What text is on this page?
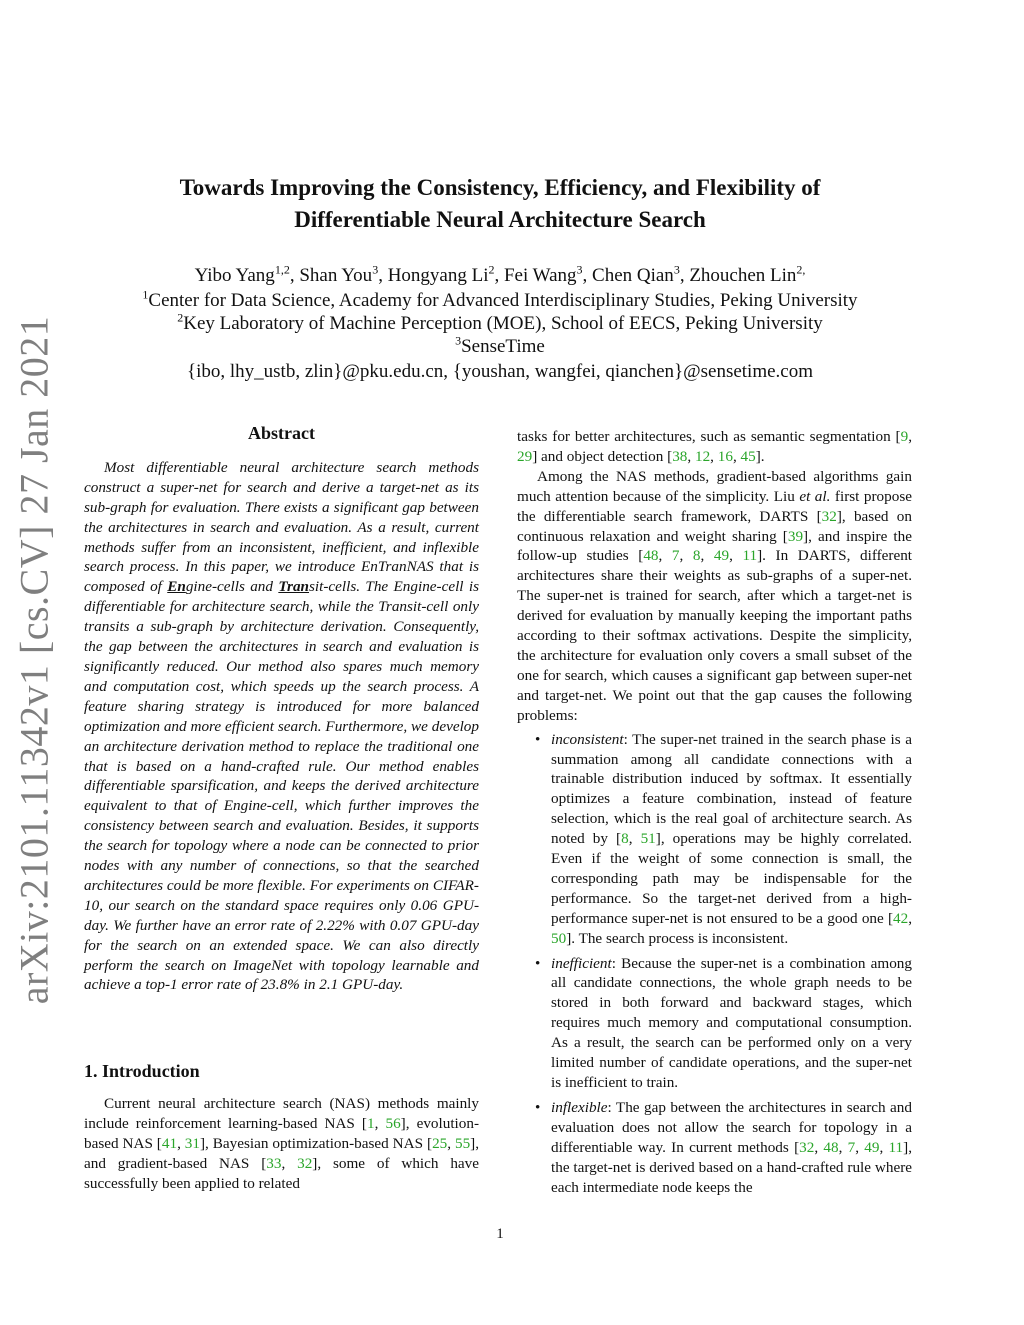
arXiv:2101.11342v1 [cs.CV] 27 Jan 2021
Towards Improving the Consistency, Efficiency, and Flexibility of
Differentiable Neural Architecture Search
Yibo Yang$^{1,2}$, Shan You$^3$, Hongyang Li$^2$, Fei Wang$^3$, Chen Qian$^3$, Zhouchen Lin$^{2,}$
$^1$Center for Data Science, Academy for Advanced Interdisciplinary Studies, Peking University
$^2$Key Laboratory of Machine Perception (MOE), School of EECS, Peking University
$^3$SenseTime
{ibo, lhy_ustb, zlin}@pku.edu.cn, {youshan, wangfei, qianchen}@sensetime.com
Abstract

Most differentiable neural architecture search methods construct a super-net for search and derive a target-net as its sub-graph for evaluation. There exists a significant gap between the architectures in search and evaluation. As a result, current methods suffer from an inconsistent, inefficient, and inflexible search process. In this paper, we introduce EnTranNAS that is composed of Engine-cells and Transit-cells. The Engine-cell is differentiable for architecture search, while the Transit-cell only transits a sub-graph by architecture derivation. Consequently, the gap between the architectures in search and evaluation is significantly reduced. Our method also spares much memory and computation cost, which speeds up the search process. A feature sharing strategy is introduced for more balanced optimization and more efficient search. Furthermore, we develop an architecture derivation method to replace the traditional one that is based on a hand-crafted rule. Our method enables differentiable sparsification, and keeps the derived architecture equivalent to that of Engine-cell, which further improves the consistency between search and evaluation. Besides, it supports the search for topology where a node can be connected to prior nodes with any number of connections, so that the searched architectures could be more flexible. For experiments on CIFAR-10, our search on the standard space requires only 0.06 GPU-day. We further have an error rate of 2.22% with 0.07 GPU-day for the search on an extended space. We can also directly perform the search on ImageNet with topology learnable and achieve a top-1 error rate of 23.8% in 2.1 GPU-day.

1. Introduction

Current neural architecture search (NAS) methods mainly include reinforcement learning-based NAS [1, 56], evolution-based NAS [41, 31], Bayesian optimization-based NAS [25, 55], and gradient-based NAS [33, 32], some of which have successfully been applied to related

tasks for better architectures, such as semantic segmentation [9, 29] and object detection [38, 12, 16, 45].

Among the NAS methods, gradient-based algorithms gain much attention because of the simplicity. Liu et al. first propose the differentiable search framework, DARTS [32], based on continuous relaxation and weight sharing [39], and inspire the follow-up studies [48, 7, 8, 49, 11]. In DARTS, different architectures share their weights as sub-graphs of a super-net. The super-net is trained for search, after which a target-net is derived for evaluation by manually keeping the important paths according to their softmax activations. Despite the simplicity, the architecture for evaluation only covers a small subset of the one for search, which causes a significant gap between super-net and target-net. We point out that the gap causes the following problems:

• inconsistent: The super-net trained in the search phase is a summation among all candidate connections with a trainable distribution induced by softmax. It essentially optimizes a feature combination, instead of feature selection, which is the real goal of architecture search. As noted by [8, 51], operations may be highly correlated. Even if the weight of some connection is small, the corresponding path may be indispensable for the performance. So the target-net derived from a high-performance super-net is not ensured to be a good one [42, 50]. The search process is inconsistent.
• inefficient: Because the super-net is a combination among all candidate connections, the whole graph needs to be stored in both forward and backward stages, which requires much memory and computational consumption. As a result, the search can be performed only on a very limited number of candidate operations, and the super-net is inefficient to train.
• inflexible: The gap between the architectures in search and evaluation does not allow the search for topology in a differentiable way. In current methods [32, 48, 7, 49, 11], the target-net is derived based on a hand-crafted rule where each intermediate node keeps the
1
